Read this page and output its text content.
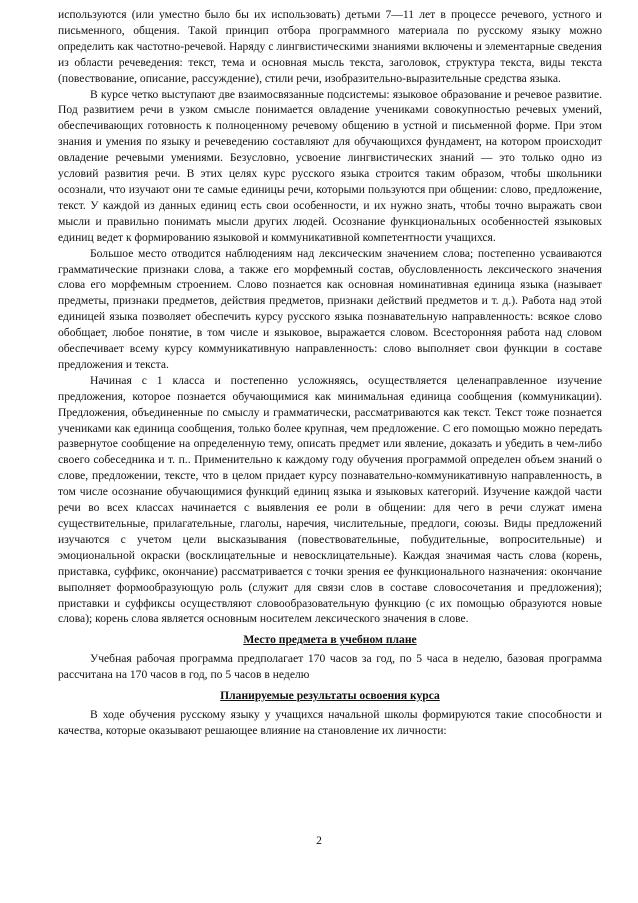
используются (или уместно было бы их использовать) детьми 7—11 лет в процессе речевого, устного и письменного, общения. Такой принцип отбора программного материала по русскому языку можно определить как частотно-речевой. Наряду с лингвистическими знаниями включены и элементарные сведения из области речеведения: текст, тема и основная мысль текста, заголовок, структура текста, виды текста (повествование, описание, рассуждение), стили речи, изобразительно-выразительные средства языка.

В курсе четко выступают две взаимосвязанные подсистемы: языковое образование и речевое развитие. Под развитием речи в узком смысле понимается овладение учениками совокупностью речевых умений, обеспечивающих готовность к полноценному речевому общению в устной и письменной форме. При этом знания и умения по языку и речеведению составляют для обучающихся фундамент, на котором происходит овладение речевыми умениями. Безусловно, усвоение лингвистических знаний — это только одно из условий развития речи. В этих целях курс русского языка строится таким образом, чтобы школьники осознали, что изучают они те самые единицы речи, которыми пользуются при общении: слово, предложение, текст. У каждой из данных единиц есть свои особенности, и их нужно знать, чтобы точно выражать свои мысли и правильно понимать мысли других людей. Осознание функциональных особенностей языковых единиц ведет к формированию языковой и коммуникативной компетентности учащихся.

Большое место отводится наблюдениям над лексическим значением слова; постепенно усваиваются грамматические признаки слова, а также его морфемный состав, обусловленность лексического значения слова его морфемным строением. Слово познается как основная номинативная единица языка (называет предметы, признаки предметов, действия предметов, признаки действий предметов и т. д.). Работа над этой единицей языка позволяет обеспечить курсу русского языка познавательную направленность: всякое слово обобщает, любое понятие, в том числе и языковое, выражается словом. Всесторонняя работа над словом обеспечивает всему курсу коммуникативную направленность: слово выполняет свои функции в составе предложения и текста.

Начиная с 1 класса и постепенно усложняясь, осуществляется целенаправленное изучение предложения, которое познается обучающимися как минимальная единица сообщения (коммуникации). Предложения, объединенные по смыслу и грамматически, рассматриваются как текст. Текст тоже познается учениками как единица сообщения, только более крупная, чем предложение. С его помощью можно передать развернутое сообщение на определенную тему, описать предмет или явление, доказать и убедить в чем-либо своего собеседника и т. п.. Применительно к каждому году обучения программой определен объем знаний о слове, предложении, тексте, что в целом придает курсу познавательно-коммуникативную направленность, в том числе осознание обучающимися функций единиц языка и языковых категорий. Изучение каждой части речи во всех классах начинается с выявления ее роли в общении: для чего в речи служат имена существительные, прилагательные, глаголы, наречия, числительные, предлоги, союзы. Виды предложений изучаются с учетом цели высказывания (повествовательные, побудительные, вопросительные) и эмоциональной окраски (восклицательные и невосклицательные). Каждая значимая часть слова (корень, приставка, суффикс, окончание) рассматривается с точки зрения ее функционального назначения: окончание выполняет формообразующую роль (служит для связи слов в составе словосочетания и предложения); приставки и суффиксы осуществляют словообразовательную функцию (с их помощью образуются новые слова); корень слова является основным носителем лексического значения в слове.

Место предмета в учебном плане

Учебная рабочая программа предполагает 170 часов за год, по 5 часа в неделю, базовая программа рассчитана на 170 часов в год, по 5 часов в неделю

Планируемые результаты освоения курса

В ходе обучения русскому языку у учащихся начальной школы формируются такие способности и качества, которые оказывают решающее влияние на становление их личности:

2
